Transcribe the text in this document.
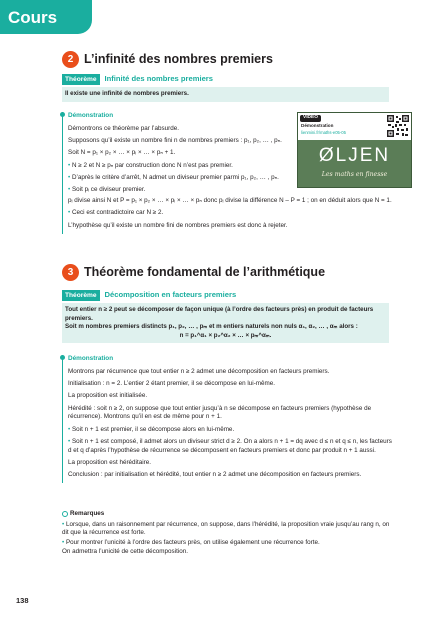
Cours
2 L’infinité des nombres premiers
Théorème	Infinité des nombres premiers
Il existe une infinité de nombres premiers.
Démonstration

Démontrons ce théorème par l’absurde.

Supposons qu’il existe un nombre fini n de nombres premiers : p₁, p₂, … , pₙ.

Soit N = p₁ × p₂ × … × pᵢ × … × pₙ + 1.

• N ≥ 2 et N ≥ pₙ par construction donc N n’est pas premier.

• D’après le critère d’arrêt, N admet un diviseur premier parmi p₁, p₂, … , pₙ.

• Soit pᵢ ce diviseur premier.

pᵢ divise ainsi N et P = p₁ × p₂ × … × pᵢ × … × pₙ donc pᵢ divise la différence N – P = 1 ; on en déduit alors que N = 1.

• Ceci est contradictoire car N ≥ 2.

L’hypothèse qu’il existe un nombre fini de nombres premiers est donc à rejeter.

VIDÉO
Démonstration
lienmini.fr/maths-e05-05
ØLJEN
Les maths en finesse
3 Théorème fondamental de l’arithmétique
Théorème	Décomposition en facteurs premiers
Tout entier n ≥ 2 peut se décomposer de façon unique (à l’ordre des facteurs près) en produit de facteurs premiers.
Soit m nombres premiers distincts p₁, p₂, … , pₘ et m entiers naturels non nuls α₁, α₂, … , αₘ alors :
n = p₁^α₁ × p₂^α₂ × … × pₘ^αₘ.
Démonstration

Montrons par récurrence que tout entier n ≥ 2 admet une décomposition en facteurs premiers.

Initialisation : n = 2. L’entier 2 étant premier, il se décompose en lui-même.

La proposition est initialisée.

Hérédité : soit n ≥ 2, on suppose que tout entier jusqu’à n se décompose en facteurs premiers (hypothèse de récurrence). Montrons qu’il en est de même pour n + 1.

• Soit n + 1 est premier, il se décompose alors en lui-même.

• Soit n + 1 est composé, il admet alors un diviseur strict d ≥ 2. On a alors n + 1 = dq avec d ≤ n et q ≤ n, les facteurs d et q d’après l’hypothèse de récurrence se décomposent en facteurs premiers et donc par produit n + 1 aussi.

La proposition est héréditaire.

Conclusion : par initialisation et hérédité, tout entier n ≥ 2 admet une décomposition en facteurs premiers.

Remarques

• Lorsque, dans un raisonnement par récurrence, on suppose, dans l’hérédité, la proposition vraie jusqu’au rang n, on dit que la récurrence est forte.

• Pour montrer l’unicité à l’ordre des facteurs près, on utilise également une récurrence forte.

On admettra l’unicité de cette décomposition.

138
